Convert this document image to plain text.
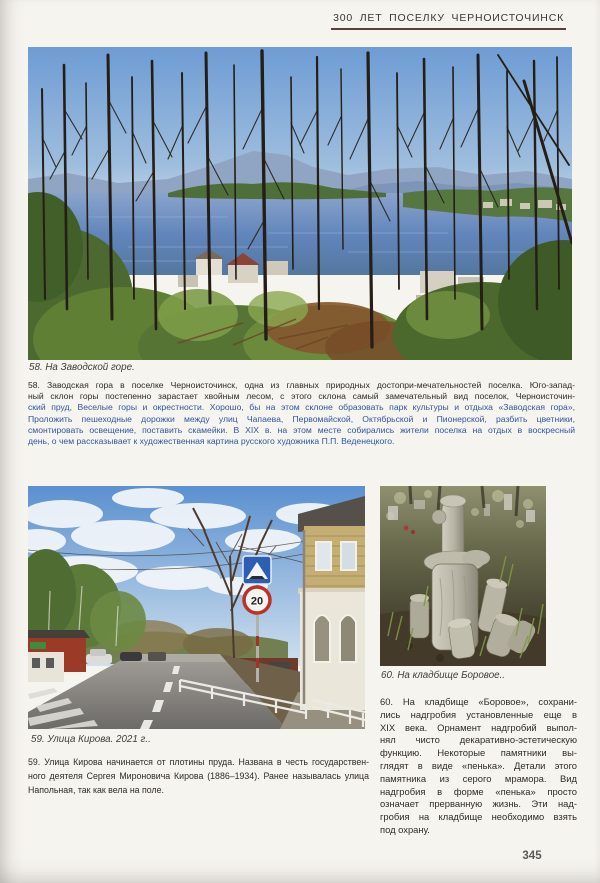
300 ЛЕТ ПОСЕЛКУ ЧЕРНОИСТОЧИНСК
58. На Заводской горе.
58. Заводская гора в поселке Черноисточинск, одна из главных природных достопри-мечательностей поселка. Юго-запад-
ный склон горы постепенно зарастает хвойным лесом, с этого склона самый замечательный вид поселок, Черноисточин-
ский пруд, Веселые горы и окрестности. Хорошо, бы на этом склоне образовать парк культуры и отдыха «Заводская гора»,
Проложить пешеходные дорожки между улиц Чапаева, Первомайской, Октябрьской и Пионерской, разбить цветники,
смонтировать освещение, поставить скамейки. В XIX в. на этом месте собирались жители поселка на отдых в воскресный
день, о чем рассказывает к художественная картина русского художника П.П. Веденецкого.
20
59. Улица Кирова. 2021 г..
59. Улица Кирова начинается от плотины пруда. Названа в честь государствен-
ного деятеля Сергея Мироновича Кирова (1886–1934). Ранее называлась улица
Напольная, так как вела на поле.
60. На кладбище Боровое..
60. На кладбище «Боровое», сохрани-
лись надгробия установленные еще в
XIX века. Орнамент надгробий выпол-
нял чисто декаративно-эстетическую
функцию. Некоторые памятники вы-
глядят в виде «пенька». Детали этого
памятника из серого мрамора. Вид
надгробия в форме «пенька» просто
означает прерванную жизнь. Эти над-
гробия на кладбище необходимо взять
под охрану.
345
